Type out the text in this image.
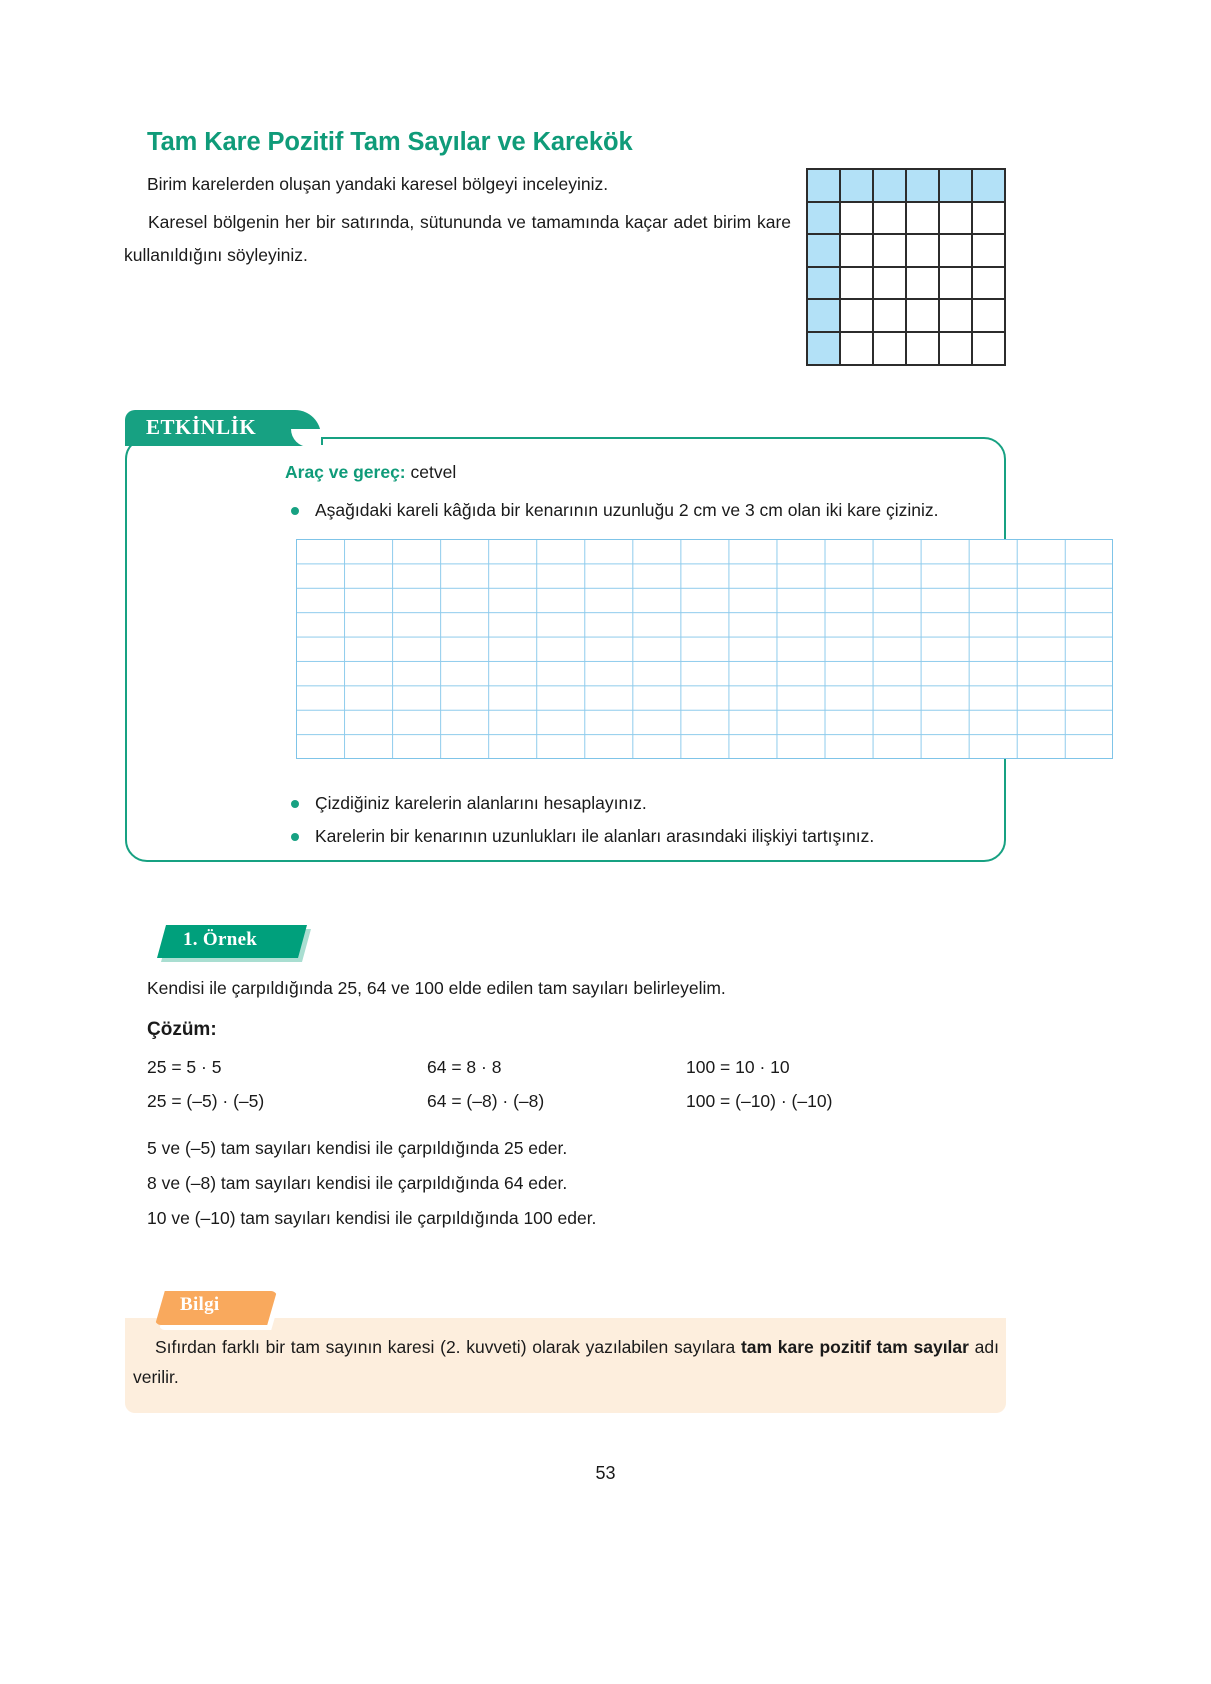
Tam Kare Pozitif Tam Sayılar ve Karekök
Birim karelerden oluşan yandaki karesel bölgeyi inceleyiniz.
Karesel bölgenin her bir satırında, sütununda ve tamamında kaçar adet birim kare kullanıldığını söyleyiniz.
ETKİNLİK
Araç ve gereç: cetvel
Aşağıdaki kareli kâğıda bir kenarının uzunluğu 2 cm ve 3 cm olan iki kare çiziniz.
Çizdiğiniz karelerin alanlarını hesaplayınız.
Karelerin bir kenarının uzunlukları ile alanları arasındaki ilişkiyi tartışınız.
1. Örnek
Kendisi ile çarpıldığında 25, 64 ve 100 elde edilen tam sayıları belirleyelim.
Çözüm:
25 = 5 · 5	64 = 8 · 8	100 = 10 · 10
25 = (–5) · (–5)	64 = (–8) · (–8)	100 = (–10) · (–10)
5 ve (–5) tam sayıları kendisi ile çarpıldığında 25 eder.
8 ve (–8) tam sayıları kendisi ile çarpıldığında 64 eder.
10 ve (–10) tam sayıları kendisi ile çarpıldığında 100 eder.
Bilgi
Sıfırdan farklı bir tam sayının karesi (2. kuvveti) olarak yazılabilen sayılara tam kare pozitif tam sayılar adı verilir.
53
